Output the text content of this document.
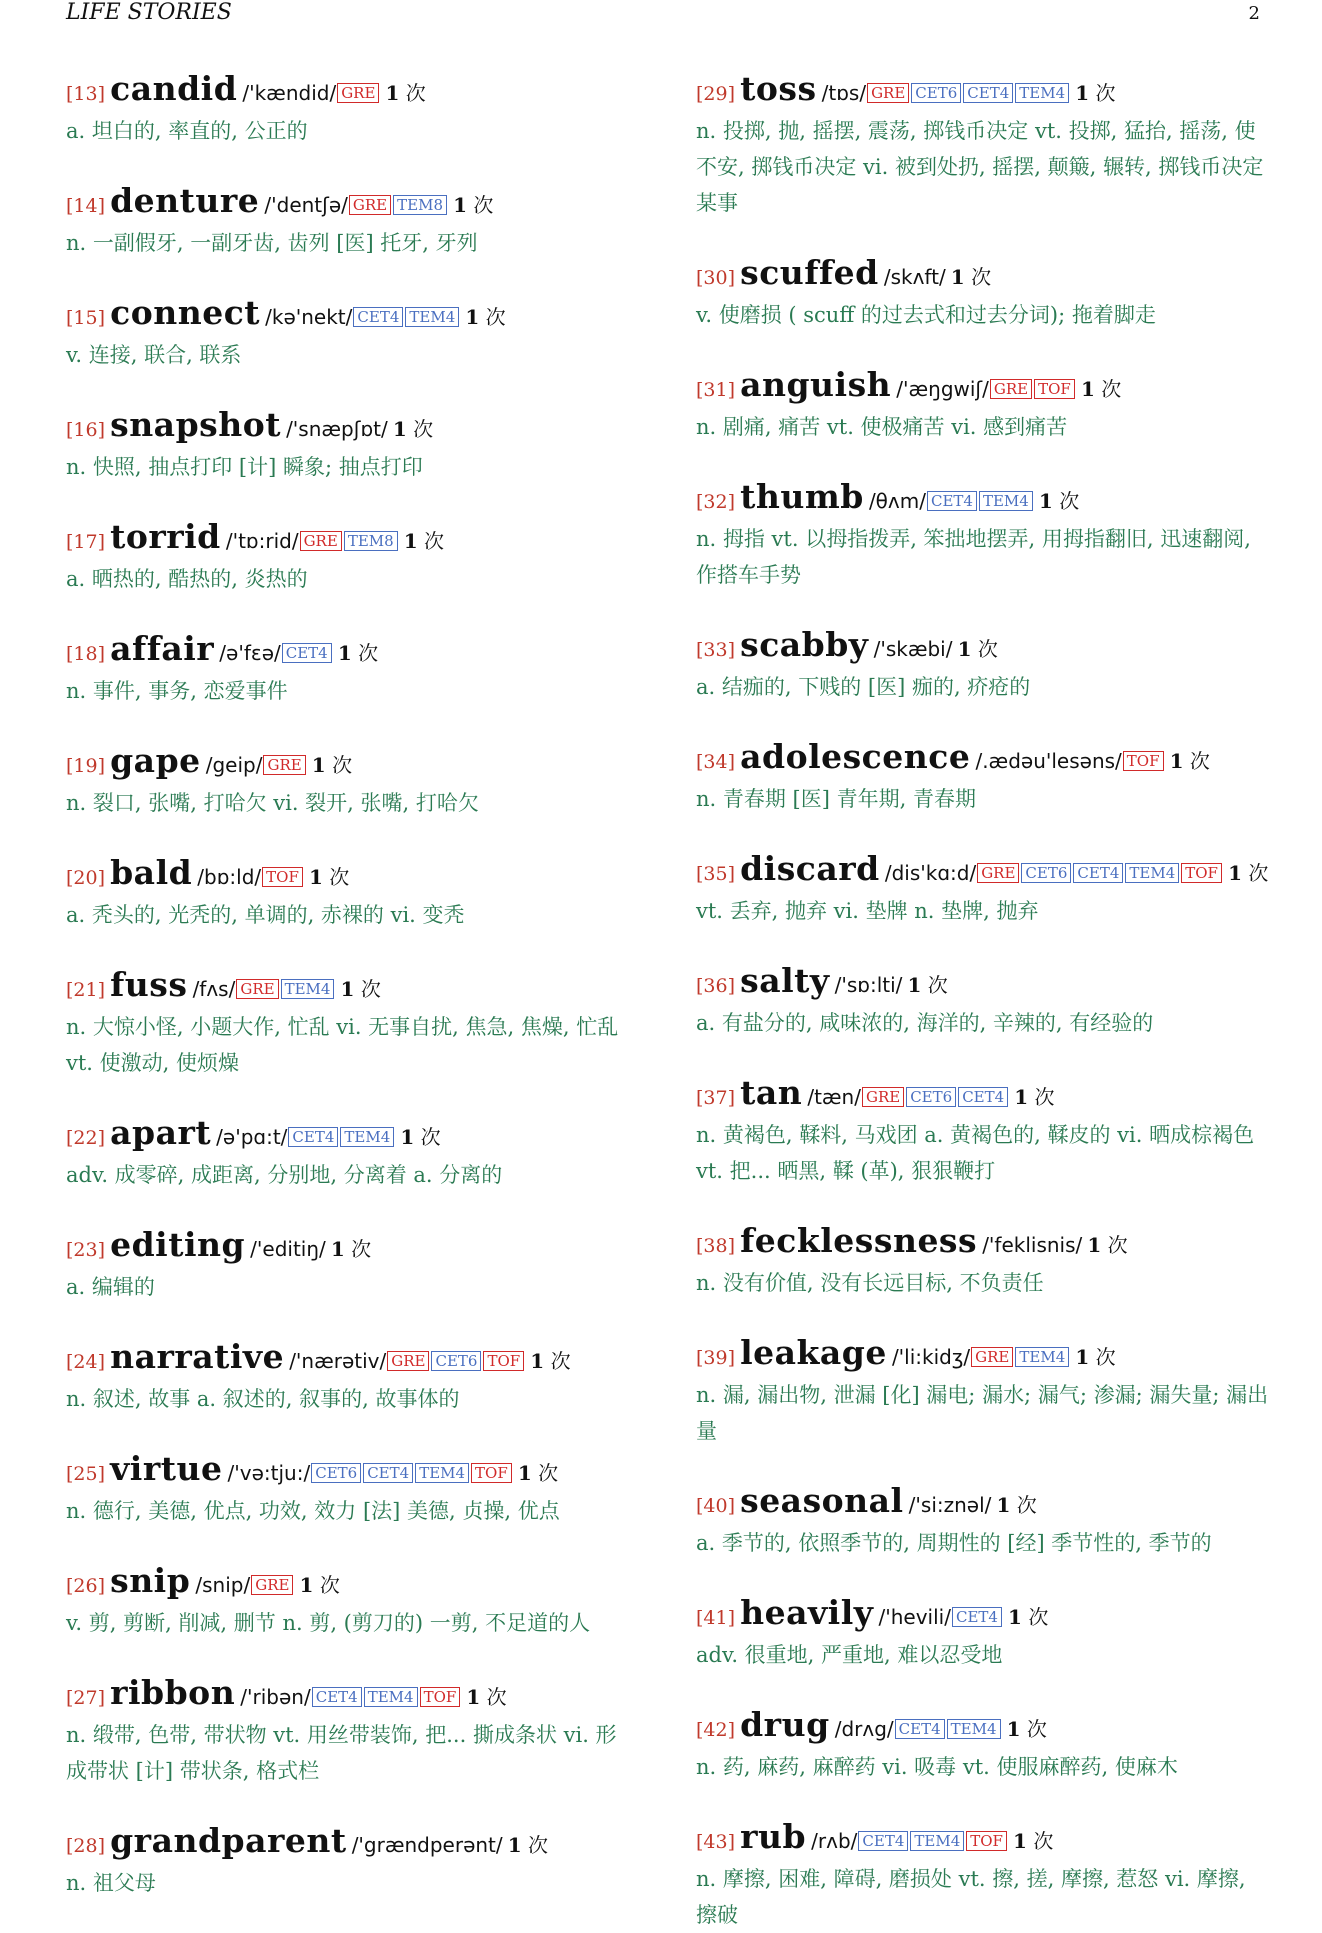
LIFE STORIES	2
[13] candid /'kændid/ GRE 1 次
a. 坦白的, 率直的, 公正的
[14] denture /'dentʃə/ GRE TEM8 1 次
n. 一副假牙, 一副牙齿, 齿列 [医] 托牙, 牙列
[15] connect /kə'nekt/ CET4 TEM4 1 次
v. 连接, 联合, 联系
[16] snapshot /'snæpʃɒt/ 1 次
n. 快照, 抽点打印 [计] 瞬象; 抽点打印
[17] torrid /'tɒ:rid/ GRE TEM8 1 次
a. 晒热的, 酷热的, 炎热的
[18] affair /ə'fɛə/ CET4 1 次
n. 事件, 事务, 恋爱事件
[19] gape /geip/ GRE 1 次
n. 裂口, 张嘴, 打哈欠 vi. 裂开, 张嘴, 打哈欠
[20] bald /bɒ:ld/ TOF 1 次
a. 秃头的, 光秃的, 单调的, 赤裸的 vi. 变秃
[21] fuss /fʌs/ GRE TEM4 1 次
n. 大惊小怪, 小题大作, 忙乱 vi. 无事自扰, 焦急, 焦燥, 忙乱 vt. 使激动, 使烦燥
[22] apart /ə'pɑ:t/ CET4 TEM4 1 次
adv. 成零碎, 成距离, 分别地, 分离着 a. 分离的
[23] editing /'editiŋ/ 1 次
a. 编辑的
[24] narrative /'nærətiv/ GRE CET6 TOF 1 次
n. 叙述, 故事 a. 叙述的, 叙事的, 故事体的
[25] virtue /'və:tju:/ CET6 CET4 TEM4 TOF 1 次
n. 德行, 美德, 优点, 功效, 效力 [法] 美德, 贞操, 优点
[26] snip /snip/ GRE 1 次
v. 剪, 剪断, 削减, 删节 n. 剪, (剪刀的) 一剪, 不足道的人
[27] ribbon /'ribən/ CET4 TEM4 TOF 1 次
n. 缎带, 色带, 带状物 vt. 用丝带装饰, 把... 撕成条状 vi. 形成带状 [计] 带状条, 格式栏
[28] grandparent /'grændperənt/ 1 次
n. 祖父母
[29] toss /tɒs/ GRE CET6 CET4 TEM4 1 次
n. 投掷, 抛, 摇摆, 震荡, 掷钱币决定 vt. 投掷, 猛抬, 摇荡, 使不安, 掷钱币决定 vi. 被到处扔, 摇摆, 颠簸, 辗转, 掷钱币决定某事
[30] scuffed /skʌft/ 1 次
v. 使磨损 ( scuff 的过去式和过去分词); 拖着脚走
[31] anguish /'æŋgwiʃ/ GRE TOF 1 次
n. 剧痛, 痛苦 vt. 使极痛苦 vi. 感到痛苦
[32] thumb /θʌm/ CET4 TEM4 1 次
n. 拇指 vt. 以拇指拨弄, 笨拙地摆弄, 用拇指翻旧, 迅速翻阅, 作搭车手势
[33] scabby /'skæbi/ 1 次
a. 结痂的, 下贱的 [医] 痂的, 疥疮的
[34] adolescence /.ædəu'lesəns/ TOF 1 次
n. 青春期 [医] 青年期, 青春期
[35] discard /dis'kɑ:d/ GRE CET6 CET4 TEM4 TOF 1 次
vt. 丢弃, 抛弃 vi. 垫牌 n. 垫牌, 抛弃
[36] salty /'sɒ:lti/ 1 次
a. 有盐分的, 咸味浓的, 海洋的, 辛辣的, 有经验的
[37] tan /tæn/ GRE CET6 CET4 1 次
n. 黄褐色, 鞣料, 马戏团 a. 黄褐色的, 鞣皮的 vi. 晒成棕褐色 vt. 把... 晒黑, 鞣 (革), 狠狠鞭打
[38] fecklessness /'feklisnis/ 1 次
n. 没有价值, 没有长远目标, 不负责任
[39] leakage /'li:kidʒ/ GRE TEM4 1 次
n. 漏, 漏出物, 泄漏 [化] 漏电; 漏水; 漏气; 渗漏; 漏失量; 漏出量
[40] seasonal /'si:znəl/ 1 次
a. 季节的, 依照季节的, 周期性的 [经] 季节性的, 季节的
[41] heavily /'hevili/ CET4 1 次
adv. 很重地, 严重地, 难以忍受地
[42] drug /drʌg/ CET4 TEM4 1 次
n. 药, 麻药, 麻醉药 vi. 吸毒 vt. 使服麻醉药, 使麻木
[43] rub /rʌb/ CET4 TEM4 TOF 1 次
n. 摩擦, 困难, 障碍, 磨损处 vt. 擦, 搓, 摩擦, 惹怒 vi. 摩擦, 擦破
